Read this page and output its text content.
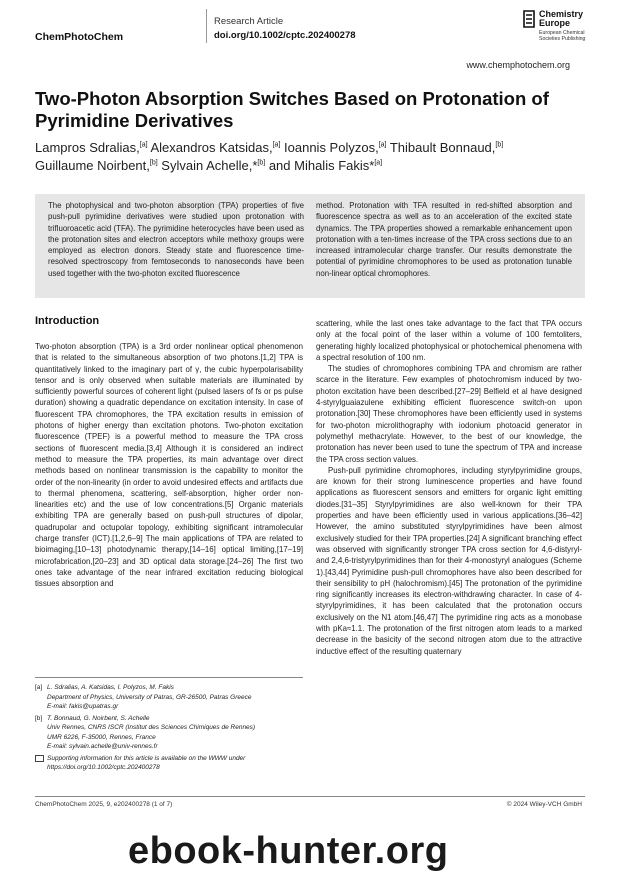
ChemPhotoChem
Research Article
doi.org/10.1002/cptc.202400278
Chemistry
Europe
European Chemical
Societies Publishing
www.chemphotochem.org
Two-Photon Absorption Switches Based on Protonation of
Pyrimidine Derivatives
Lampros Sdralias,[a] Alexandros Katsidas,[a] Ioannis Polyzos,[a] Thibault Bonnaud,[b]
Guillaume Noirbent,[b] Sylvain Achelle,*[b] and Mihalis Fakis*[a]

The photophysical and two-photon absorption (TPA) properties of five push-pull pyrimidine derivatives were studied upon protonation with trifluoroacetic acid (TFA). The pyrimidine heterocycles have been used as the protonation sites and electron acceptors while methoxy groups were employed as electron donors. Steady state and fluorescence time-resolved spectroscopy from femtoseconds to nanoseconds have been used together with the two-photon excited fluorescence

method. Protonation with TFA resulted in red-shifted absorption and fluorescence spectra as well as to an acceleration of the excited state dynamics. The TPA properties showed a remarkable enhancement upon protonation with a ten-times increase of the TPA cross sections due to an increased intramolecular charge transfer. Our results demonstrate the potential of pyrimidine chromophores to be used as protonation tunable non-linear optical chromophores.

Introduction

Two-photon absorption (TPA) is a 3rd order nonlinear optical phenomenon that is related to the simultaneous absorption of two photons.[1,2] TPA is quantitatively linked to the imaginary part of γ, the cubic hyperpolarisability tensor and is only observed when suitable materials are illuminated by sufficiently powerful sources of coherent light (pulsed lasers of fs or ps pulse duration) showing a quadratic dependance on excitation intensity. In case of fluorescent TPA chromophores, the TPA excitation results in emission of photons of higher energy than excitation photons. Two-photon excitation fluorescence (TPEF) is a powerful method to measure the TPA cross sections of fluorescent media.[3,4] Although it is considered an indirect method to measure the TPA properties, its main advantage over direct methods based on nonlinear transmission is the capability to monitor the order of the non-linearity (in order to avoid undesired effects and artifacts due to thermal phenomena, scattering, self-absorption, higher order non-linearities etc) and the use of low concentrations.[5] Organic materials exhibiting TPA are generally based on push-pull structures of dipolar, quadrupolar and octupolar topology, exhibiting significant intramolecular charge transfer (ICT).[1,2,6–9] The main applications of TPA are related to bioimaging,[10–13] photodynamic therapy,[14–16] optical limiting,[17–19] microfabrication,[20–23] and 3D optical data storage.[24–26] The first two ones take advantage of the near infrared excitation reducing biological tissues absorption and

scattering, while the last ones take advantage to the fact that TPA occurs only at the focal point of the laser within a volume of 100 femtoliters, generating highly localized photophysical or photochemical phenomena with a spectral resolution of 100 nm.

The studies of chromophores combining TPA and chromism are rather scarce in the literature. Few examples of photochromism induced by two-photon excitation have been described.[27–29] Belfield et al have designed 4-styrylguaiazulene exhibiting efficient fluorescence switch-on upon protonation.[30] These chromophores have been efficiently used in systems for two-photon microlithography with iodonium photoacid generator in polymethyl methacrylate. However, to the best of our knowledge, the protonation has never been used to tune the spectrum of TPA and increase the TPA cross section values.

Push-pull pyrimidine chromophores, including styrylpyrimidine groups, are known for their strong luminescence properties and have found applications as fluorescent sensors and emitters for organic light emitting diodes.[31–35] Styrylpyrimidines are also well-known for their TPA properties and have been efficiently used in various applications.[36–42] However, the amino substituted styrylpyrimidines have been almost exclusively studied for their TPA properties.[24] A significant branching effect was observed with significantly stronger TPA cross section for 4,6-distyryl- and 2,4,6-tristyrylpyrimidines than for their 4-monostyryl analogues (Scheme 1).[43,44] Pyrimidine push-pull chromophores have also been described for their sensibility to pH (halochromism).[45] The protonation of the pyrimidine ring significantly increases its electron-withdrawing character. In case of 4-styrylpyrimidines, it has been calculated that the protonation occurs exclusively on the N1 atom.[46,47] The pyrimidine ring acts as a monobase with pKa≈1.1. The protonation of the first nitrogen atom leads to a marked decrease in the basicity of the second nitrogen atom due to the attractive inductive effect of the resulting quaternary

[a] L. Sdralias, A. Katsidas, I. Polyzos, M. Fakis
Department of Physics, University of Patras, GR-26500, Patras Greece
E-mail: fakis@upatras.gr
[b] T. Bonnaud, G. Noirbent, S. Achelle
Univ Rennes, CNRS ISCR (Institut des Sciences Chimiques de Rennes)
UMR 6226, F-35000, Rennes, France
E-mail: sylvain.achelle@univ-rennes.fr
Supporting information for this article is available on the WWW under https://doi.org/10.1002/cptc.202400278
ChemPhotoChem 2025, 9, e202400278 (1 of 7)	© 2024 Wiley-VCH GmbH
ebook-hunter.org
